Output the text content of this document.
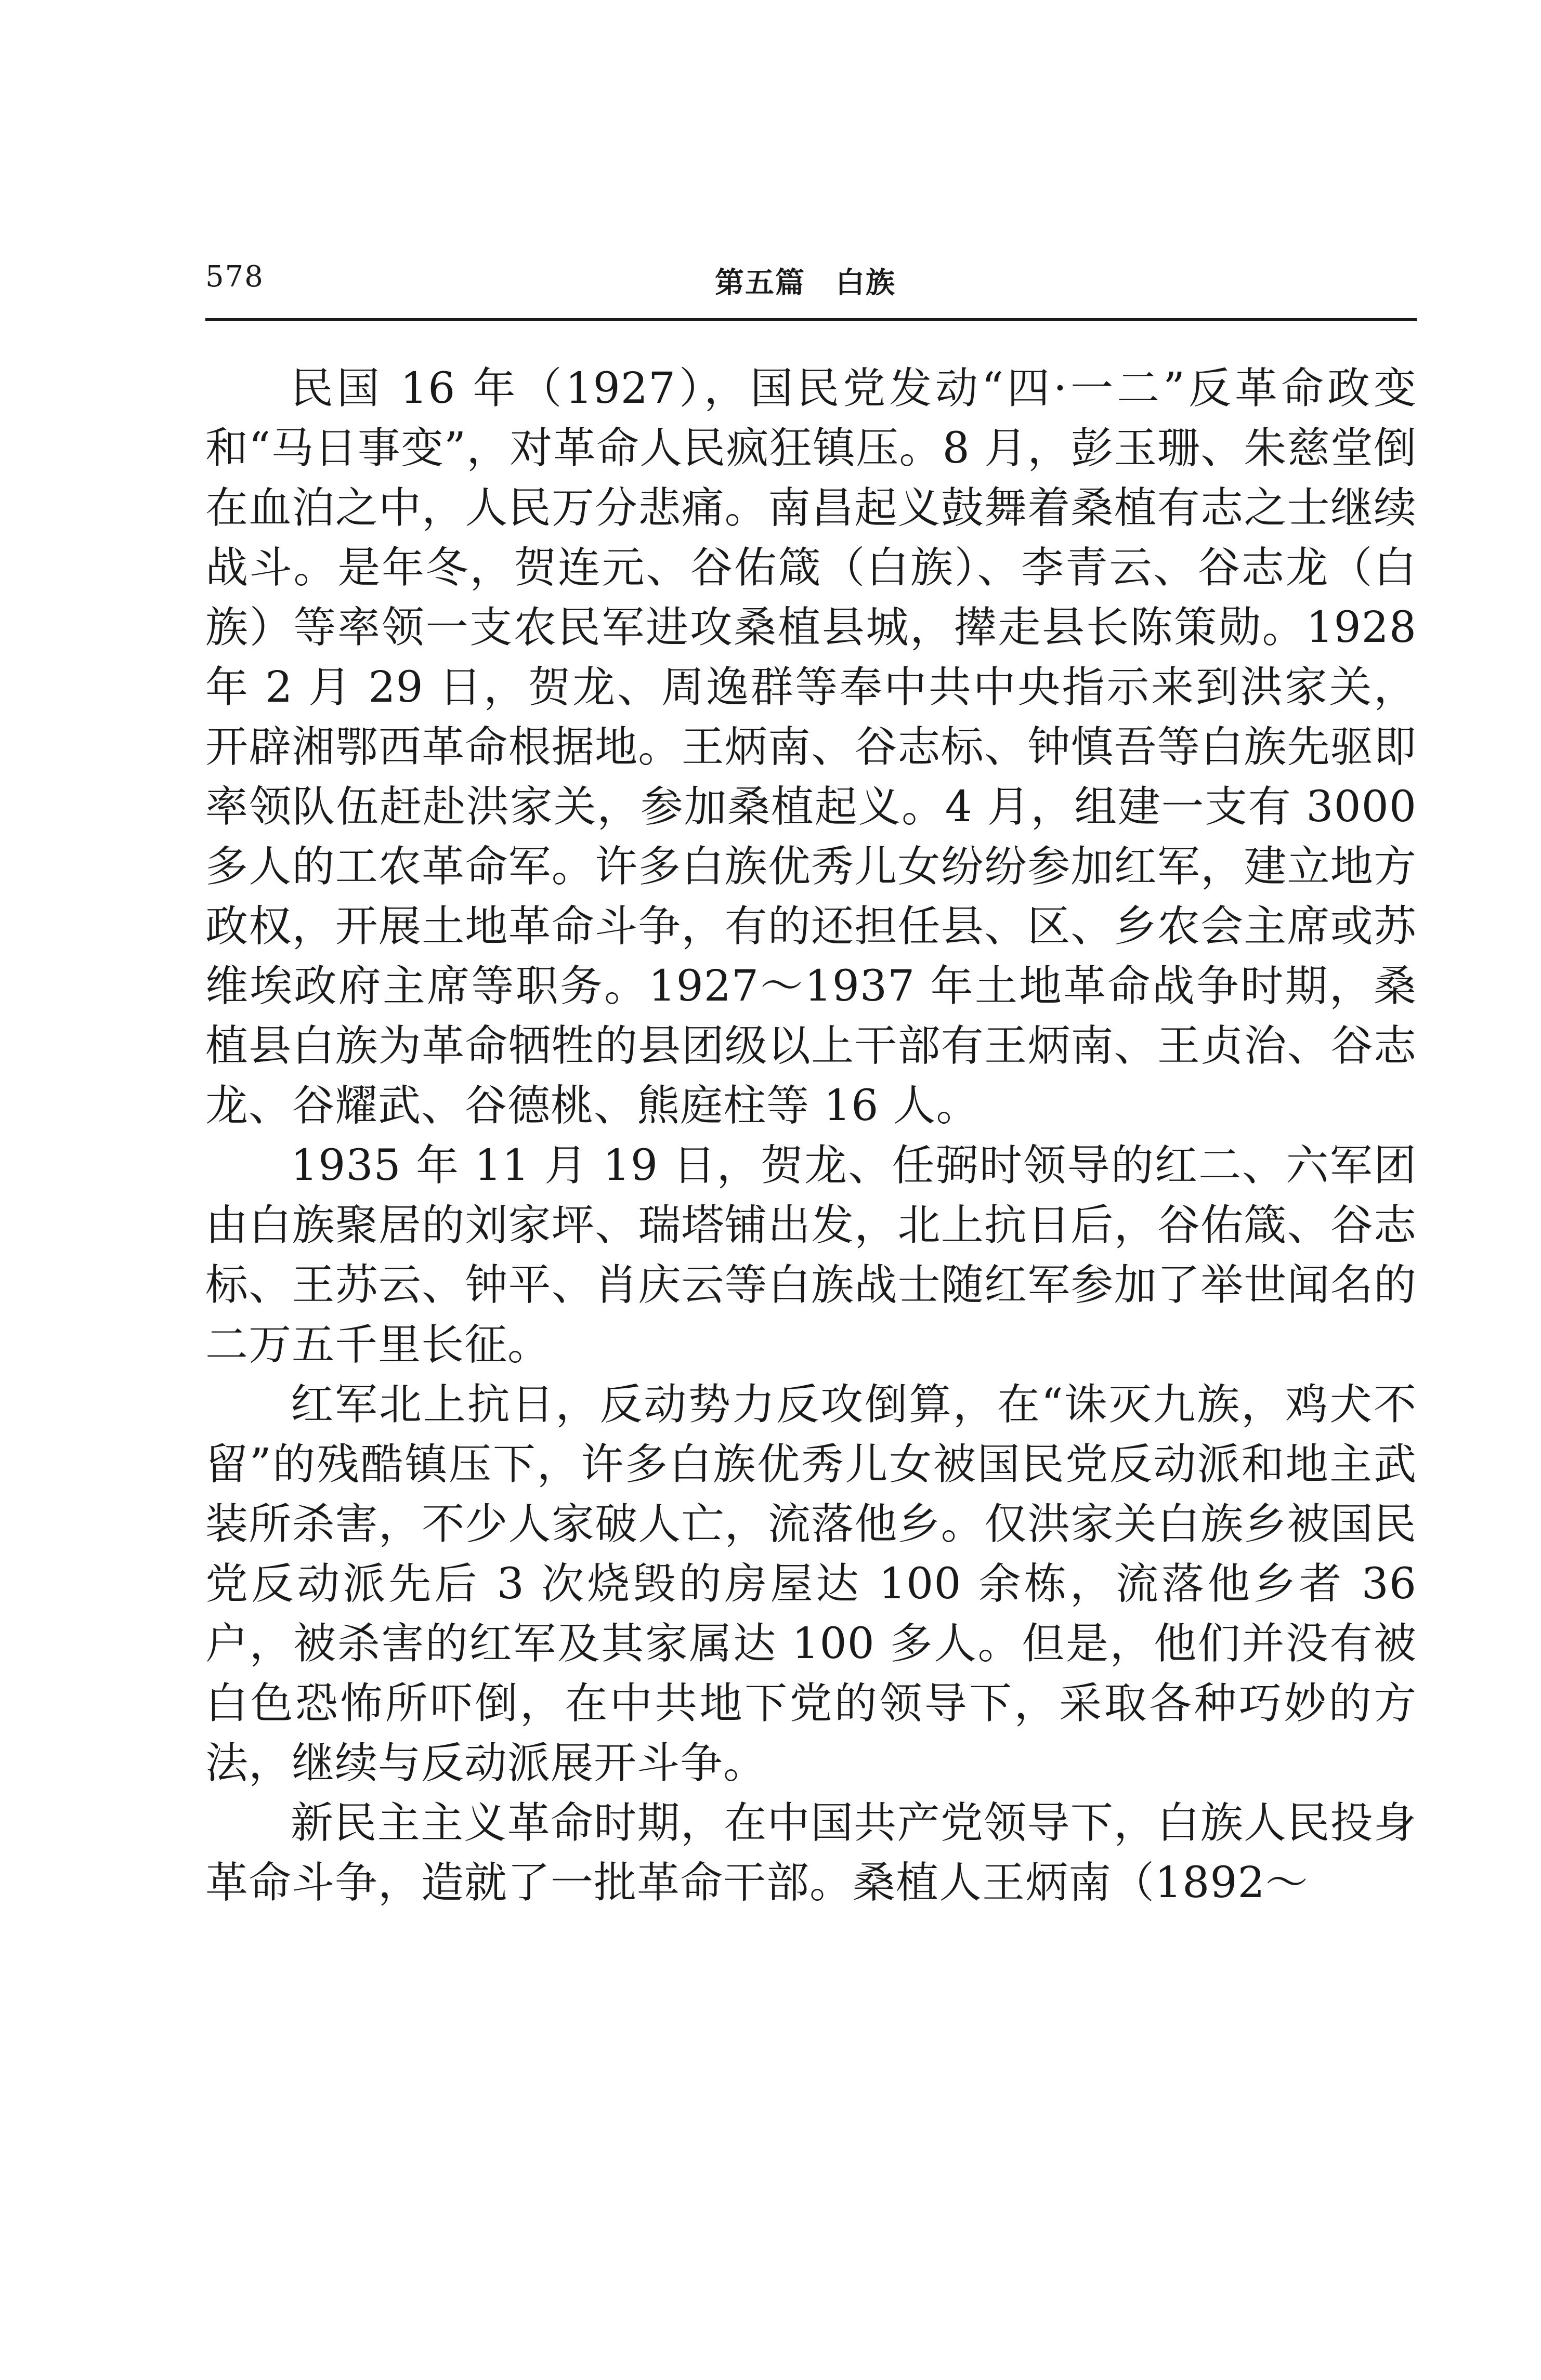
578	第五篇　白族

民国 16 年（1927），国民党发动“四·一二”反革命政变和“马日事变”，对革命人民疯狂镇压。8 月，彭玉珊、朱慈堂倒在血泊之中，人民万分悲痛。南昌起义鼓舞着桑植有志之士继续战斗。是年冬，贺连元、谷佑箴（白族）、李青云、谷志龙（白族）等率领一支农民军进攻桑植县城，撵走县长陈策勋。1928 年 2 月 29 日，贺龙、周逸群等奉中共中央指示来到洪家关，开辟湘鄂西革命根据地。王炳南、谷志标、钟慎吾等白族先驱即率领队伍赶赴洪家关，参加桑植起义。4 月，组建一支有 3000 多人的工农革命军。许多白族优秀儿女纷纷参加红军，建立地方政权，开展土地革命斗争，有的还担任县、区、乡农会主席或苏维埃政府主席等职务。1927～1937 年土地革命战争时期，桑植县白族为革命牺牲的县团级以上干部有王炳南、王贞治、谷志龙、谷耀武、谷德桃、熊庭柱等 16 人。

1935 年 11 月 19 日，贺龙、任弼时领导的红二、六军团由白族聚居的刘家坪、瑞塔铺出发，北上抗日后，谷佑箴、谷志标、王苏云、钟平、肖庆云等白族战士随红军参加了举世闻名的二万五千里长征。

红军北上抗日，反动势力反攻倒算，在“诛灭九族，鸡犬不留”的残酷镇压下，许多白族优秀儿女被国民党反动派和地主武装所杀害，不少人家破人亡，流落他乡。仅洪家关白族乡被国民党反动派先后 3 次烧毁的房屋达 100 余栋，流落他乡者 36 户，被杀害的红军及其家属达 100 多人。但是，他们并没有被白色恐怖所吓倒，在中共地下党的领导下，采取各种巧妙的方法，继续与反动派展开斗争。

新民主主义革命时期，在中国共产党领导下，白族人民投身革命斗争，造就了一批革命干部。桑植人王炳南（1892～
